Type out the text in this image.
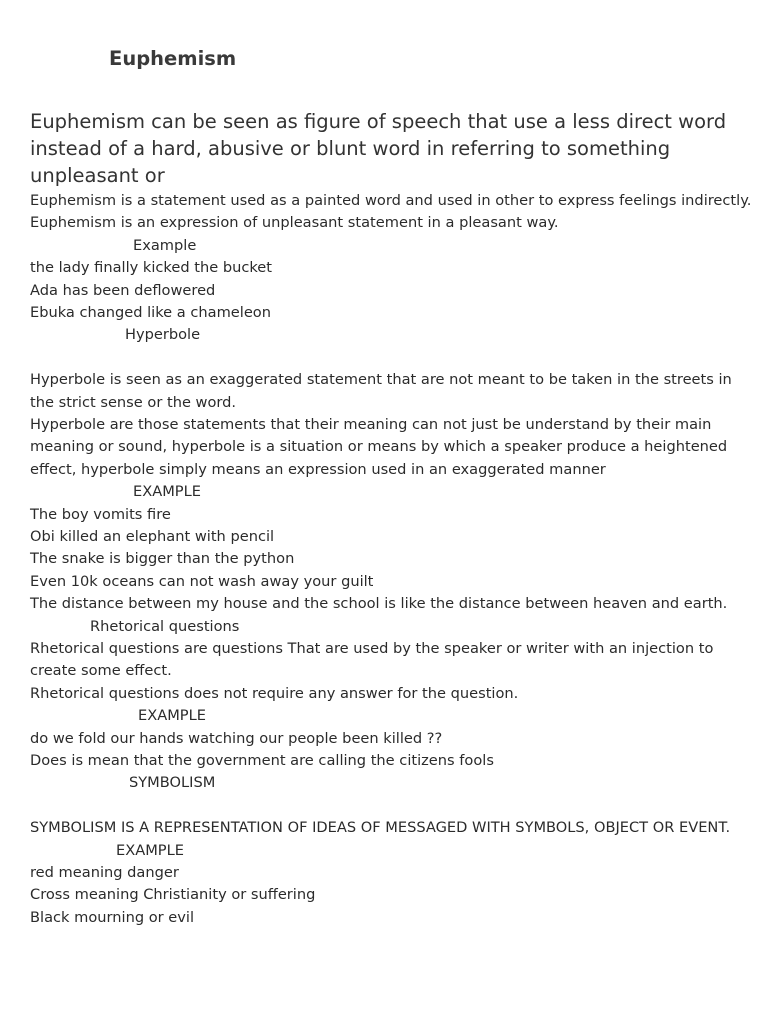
Euphemism
Euphemism can be seen as figure of speech that use a less direct word instead of a hard, abusive or blunt word in referring to something unpleasant or
Euphemism is a statement used as a painted word and used in other to express feelings indirectly. Euphemism is an expression of unpleasant statement in a pleasant way.
Example
the lady finally kicked the bucket
Ada has been deflowered
Ebuka changed like a chameleon
Hyperbole
Hyperbole is seen as an exaggerated statement that are not meant to be taken in the streets in the strict sense or the word.
Hyperbole are those statements that their meaning can not just be understand by their main meaning or sound, hyperbole is a situation or means by which a speaker produce a heightened effect, hyperbole simply means an expression used in an exaggerated manner
EXAMPLE
The boy vomits fire
Obi killed an elephant with pencil
The snake is bigger than the python
Even 10k oceans can not wash away your guilt
The distance between my house and the school is like the distance between heaven and earth.
Rhetorical questions
Rhetorical questions are questions That are used by the speaker or writer with an injection to create some effect.
Rhetorical questions does not require any answer for the question.
EXAMPLE
do we fold our hands watching our people been killed ??
Does is mean that the government are calling the citizens fools
SYMBOLISM
SYMBOLISM IS A REPRESENTATION OF IDEAS OF MESSAGED WITH SYMBOLS, OBJECT OR EVENT.
EXAMPLE
red meaning danger
Cross meaning Christianity or suffering
Black mourning or evil
